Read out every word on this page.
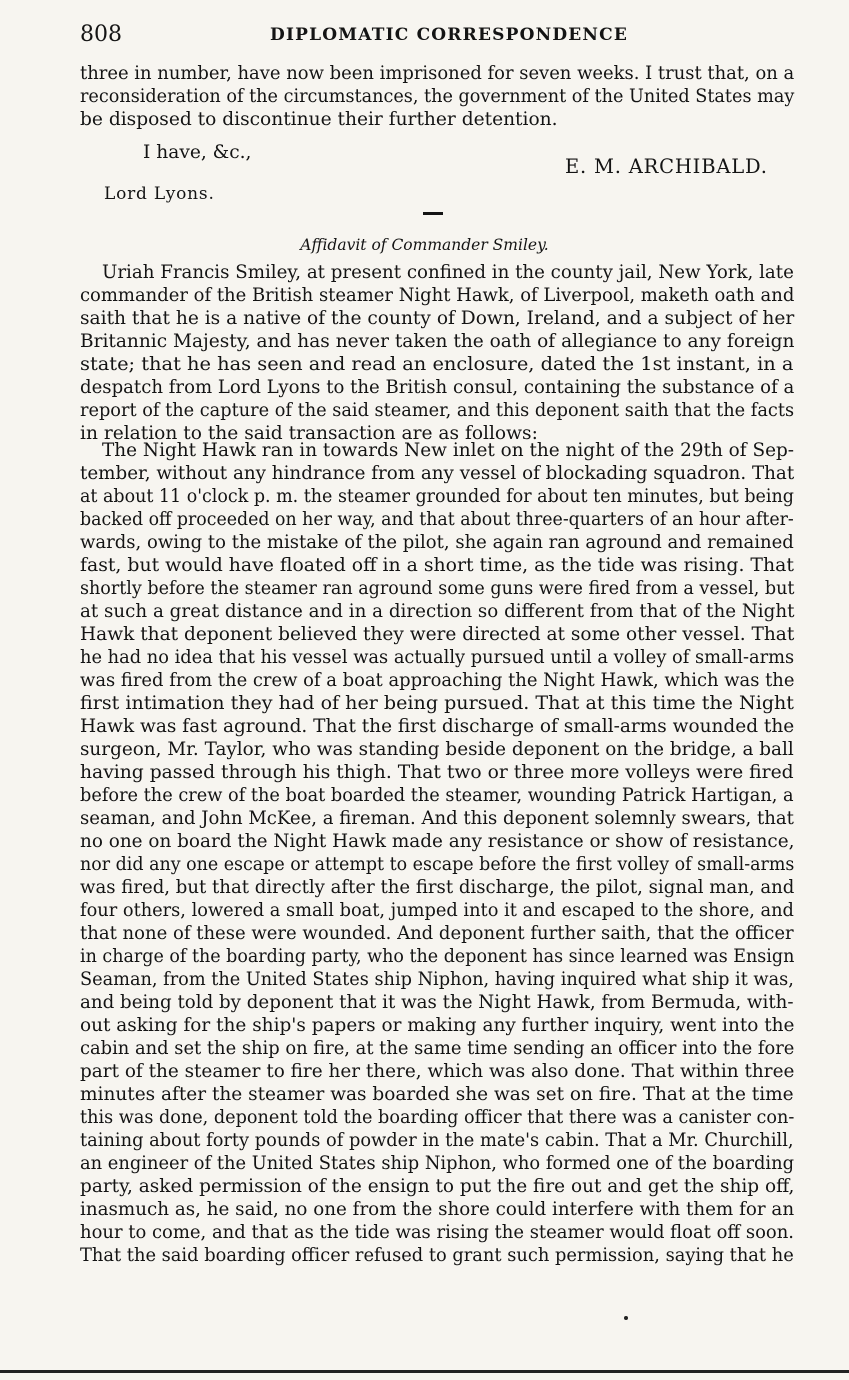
808	DIPLOMATIC CORRESPONDENCE
three in number, have now been imprisoned for seven weeks. I trust that, on a
reconsideration of the circumstances, the government of the United States may
be disposed to discontinue their further detention.
I have, &c.,
E. M. ARCHIBALD.
Lord Lyons.
Affidavit of Commander Smiley.
Uriah Francis Smiley, at present confined in the county jail, New York, late
commander of the British steamer Night Hawk, of Liverpool, maketh oath and
saith that he is a native of the county of Down, Ireland, and a subject of her
Britannic Majesty, and has never taken the oath of allegiance to any foreign
state; that he has seen and read an enclosure, dated the 1st instant, in a
despatch from Lord Lyons to the British consul, containing the substance of a
report of the capture of the said steamer, and this deponent saith that the facts
in relation to the said transaction are as follows:
The Night Hawk ran in towards New inlet on the night of the 29th of Sep-
tember, without any hindrance from any vessel of blockading squadron. That
at about 11 o'clock p. m. the steamer grounded for about ten minutes, but being
backed off proceeded on her way, and that about three-quarters of an hour after-
wards, owing to the mistake of the pilot, she again ran aground and remained
fast, but would have floated off in a short time, as the tide was rising. That
shortly before the steamer ran aground some guns were fired from a vessel, but
at such a great distance and in a direction so different from that of the Night
Hawk that deponent believed they were directed at some other vessel. That
he had no idea that his vessel was actually pursued until a volley of small-arms
was fired from the crew of a boat approaching the Night Hawk, which was the
first intimation they had of her being pursued. That at this time the Night
Hawk was fast aground. That the first discharge of small-arms wounded the
surgeon, Mr. Taylor, who was standing beside deponent on the bridge, a ball
having passed through his thigh. That two or three more volleys were fired
before the crew of the boat boarded the steamer, wounding Patrick Hartigan, a
seaman, and John McKee, a fireman. And this deponent solemnly swears, that
no one on board the Night Hawk made any resistance or show of resistance,
nor did any one escape or attempt to escape before the first volley of small-arms
was fired, but that directly after the first discharge, the pilot, signal man, and
four others, lowered a small boat, jumped into it and escaped to the shore, and
that none of these were wounded. And deponent further saith, that the officer
in charge of the boarding party, who the deponent has since learned was Ensign
Seaman, from the United States ship Niphon, having inquired what ship it was,
and being told by deponent that it was the Night Hawk, from Bermuda, with-
out asking for the ship's papers or making any further inquiry, went into the
cabin and set the ship on fire, at the same time sending an officer into the fore
part of the steamer to fire her there, which was also done. That within three
minutes after the steamer was boarded she was set on fire. That at the time
this was done, deponent told the boarding officer that there was a canister con-
taining about forty pounds of powder in the mate's cabin. That a Mr. Churchill,
an engineer of the United States ship Niphon, who formed one of the boarding
party, asked permission of the ensign to put the fire out and get the ship off,
inasmuch as, he said, no one from the shore could interfere with them for an
hour to come, and that as the tide was rising the steamer would float off soon.
That the said boarding officer refused to grant such permission, saying that he
